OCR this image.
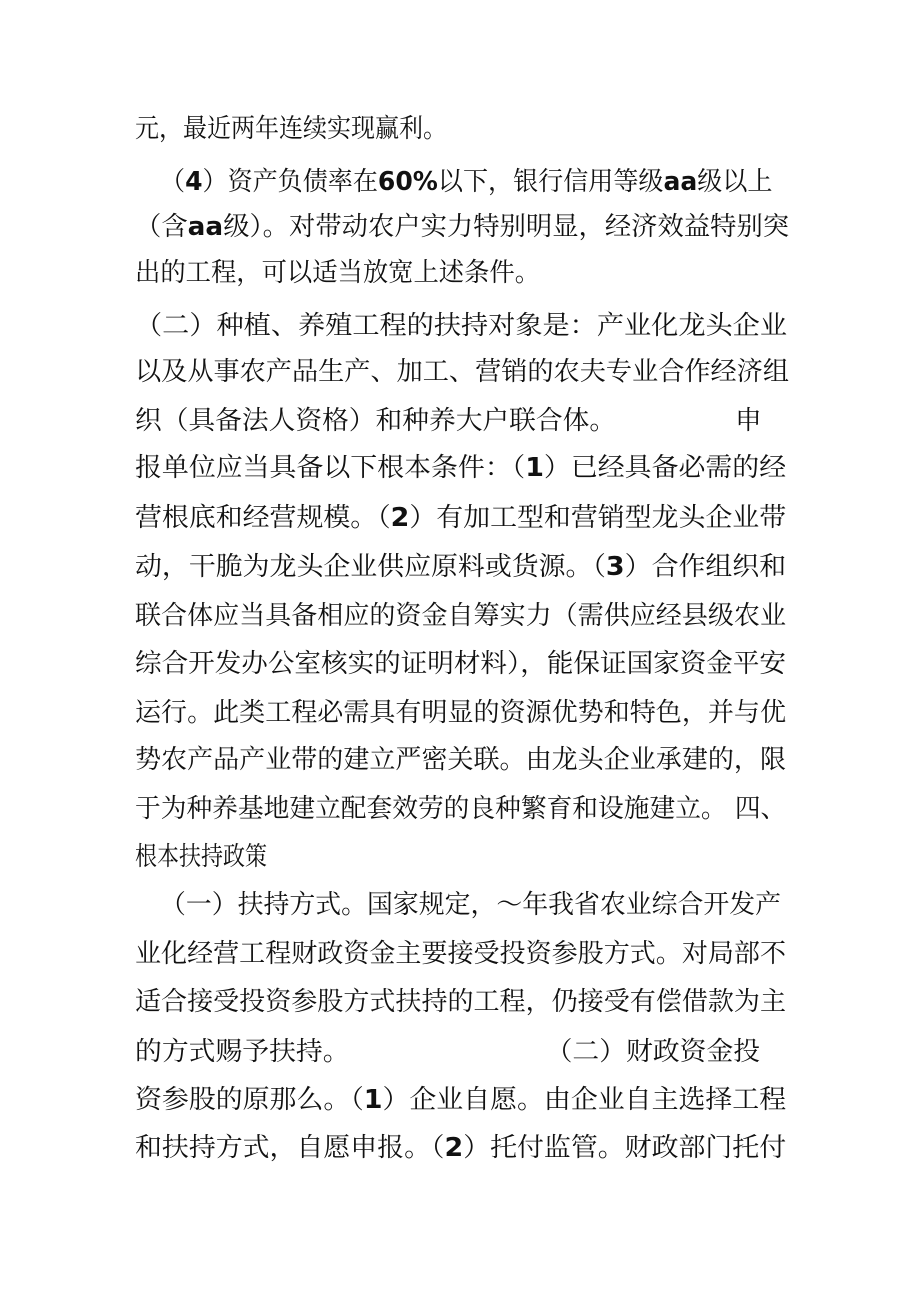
元，最近两年连续实现赢利。
（4）资产负债率在60%以下，银行信用等级aa级以上
（含aa级）。对带动农户实力特别明显，经济效益特别突
出的工程，可以适当放宽上述条件。
（二）种植、养殖工程的扶持对象是：产业化龙头企业
以及从事农产品生产、加工、营销的农夫专业合作经济组
织（具备法人资格）和种养大户联合体。              申
报单位应当具备以下根本条件：（1）已经具备必需的经
营根底和经营规模。（2）有加工型和营销型龙头企业带
动，干脆为龙头企业供应原料或货源。（3）合作组织和
联合体应当具备相应的资金自筹实力（需供应经县级农业
综合开发办公室核实的证明材料），能保证国家资金平安
运行。此类工程必需具有明显的资源优势和特色，并与优
势农产品产业带的建立严密关联。由龙头企业承建的，限
于为种养基地建立配套效劳的良种繁育和设施建立。 四、
根本扶持政策
（一）扶持方式。国家规定，～年我省农业综合开发产
业化经营工程财政资金主要接受投资参股方式。对局部不
适合接受投资参股方式扶持的工程，仍接受有偿借款为主
的方式赐予扶持。                       （二）财政资金投
资参股的原那么。（1）企业自愿。由企业自主选择工程
和扶持方式，自愿申报。（2）托付监管。财政部门托付
